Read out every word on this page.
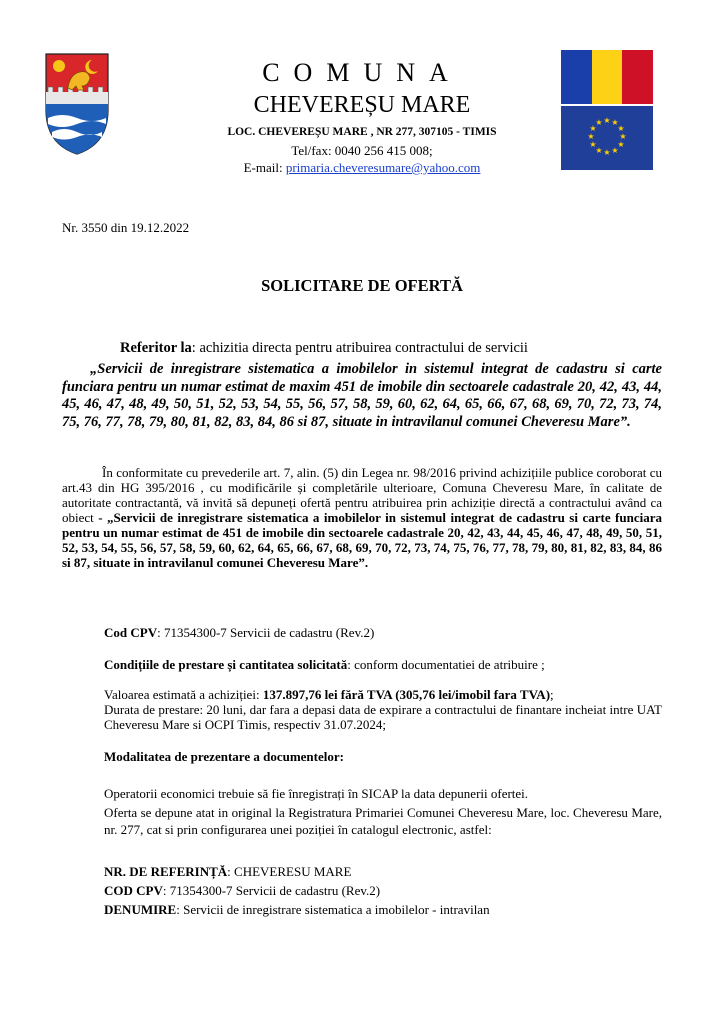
★ ★
★
★
★
★
★
★
★
★
★
★
COMUNA
CHEVEREȘU MARE
LOC. CHEVEREȘU MARE , NR 277, 307105 - TIMIS
Tel/fax: 0040 256 415 008;
E-mail: primaria.cheveresumare@yahoo.com
Nr. 3550 din 19.12.2022
SOLICITARE DE OFERTĂ
Referitor la: achizitia directa pentru atribuirea contractului de servicii
„Servicii de inregistrare sistematica a imobilelor in sistemul integrat de cadastru si carte funciara pentru un numar estimat de maxim 451 de imobile din sectoarele cadastrale 20, 42, 43, 44, 45, 46, 47, 48, 49, 50, 51, 52, 53, 54, 55, 56, 57, 58, 59, 60, 62, 64, 65, 66, 67, 68, 69, 70, 72, 73, 74, 75, 76, 77, 78, 79, 80, 81, 82, 83, 84, 86 si 87, situate in intravilanul comunei Cheveresu Mare”.
În conformitate cu prevederile art. 7, alin. (5) din Legea nr. 98/2016 privind achizițiile publice coroborat cu art.43 din HG 395/2016 , cu modificările și completările ulterioare, Comuna Cheveresu Mare, în calitate de autoritate contractantă, vă invită să depuneți ofertă pentru atribuirea prin achiziție directă a contractului având ca obiect - „Servicii de inregistrare sistematica a imobilelor in sistemul integrat de cadastru si carte funciara pentru un numar estimat de 451 de imobile din sectoarele cadastrale 20, 42, 43, 44, 45, 46, 47, 48, 49, 50, 51, 52, 53, 54, 55, 56, 57, 58, 59, 60, 62, 64, 65, 66, 67, 68, 69, 70, 72, 73, 74, 75, 76, 77, 78, 79, 80, 81, 82, 83, 84, 86 si 87, situate in intravilanul comunei Cheveresu Mare”.
Cod CPV: 71354300-7 Servicii de cadastru (Rev.2)
Condițiile de prestare și cantitatea solicitată: conform documentatiei de atribuire ;
Valoarea estimată a achiziției: 137.897,76 lei fără TVA (305,76 lei/imobil fara TVA);
Durata de prestare: 20 luni, dar fara a depasi data de expirare a contractului de finantare incheiat intre UAT Cheveresu Mare si OCPI Timis, respectiv 31.07.2024;
Modalitatea de prezentare a documentelor:
Operatorii economici trebuie să fie înregistrați în SICAP la data depunerii ofertei.
Oferta se depune atat in original la Registratura Primariei Comunei Cheveresu Mare, loc. Cheveresu Mare, nr. 277, cat si prin configurarea unei poziției în catalogul electronic, astfel:
NR. DE REFERINȚĂ: CHEVERESU MARE
COD CPV: 71354300-7 Servicii de cadastru (Rev.2)
DENUMIRE: Servicii de inregistrare sistematica a imobilelor - intravilan
